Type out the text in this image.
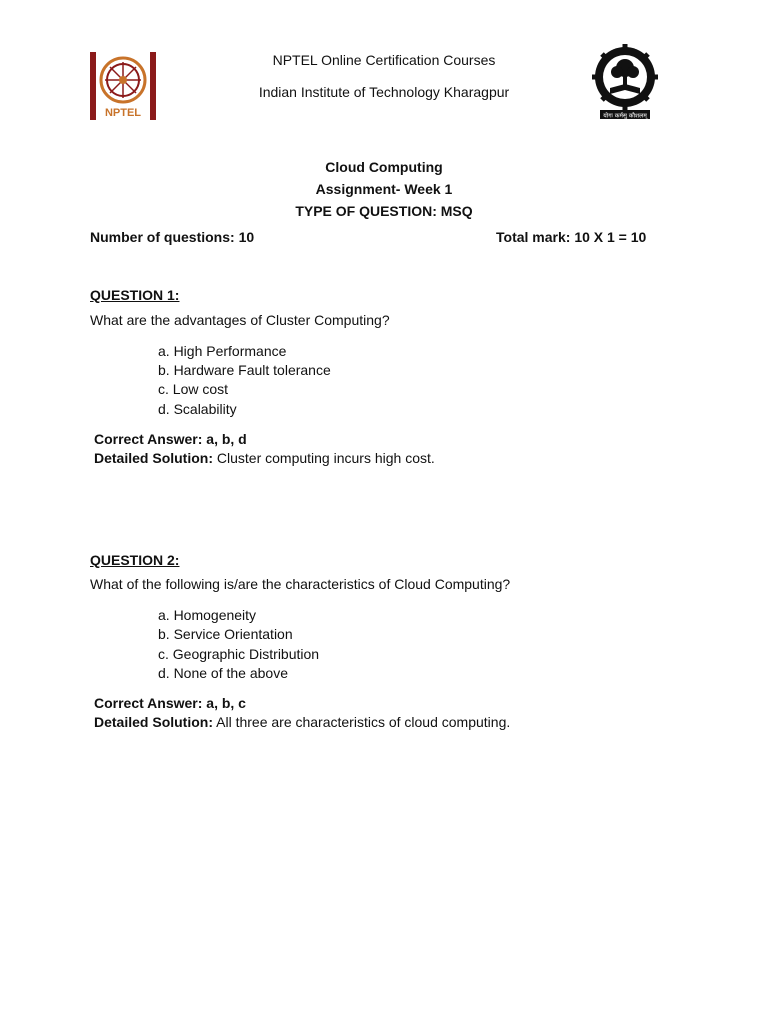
NPTEL	योगः कर्मसु कौशलम्
NPTEL Online Certification Courses
Indian Institute of Technology Kharagpur
Cloud Computing
Assignment- Week 1
TYPE OF QUESTION: MSQ
Number of questions: 10	Total mark: 10 X 1 = 10
QUESTION 1:
What are the advantages of Cluster Computing?
a. High Performance
b. Hardware Fault tolerance
c. Low cost
d. Scalability
Correct Answer: a, b, d
Detailed Solution: Cluster computing incurs high cost.
QUESTION 2:
What of the following is/are the characteristics of Cloud Computing?
a. Homogeneity
b. Service Orientation
c. Geographic Distribution
d. None of the above
Correct Answer: a, b, c
Detailed Solution: All three are characteristics of cloud computing.
